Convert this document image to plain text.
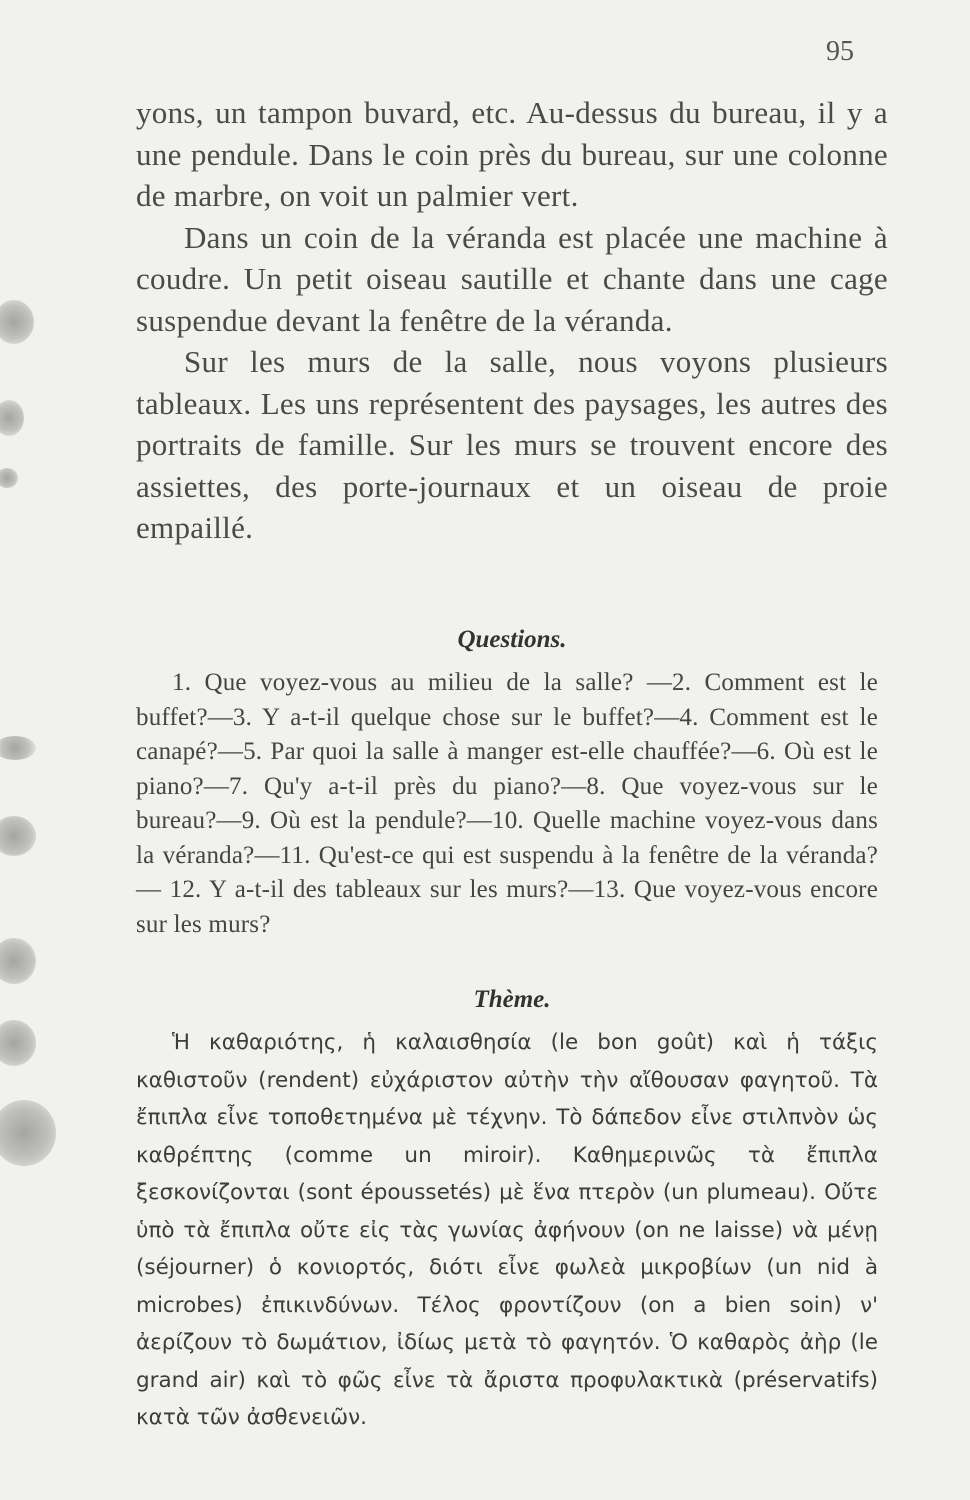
95

yons, un tampon buvard, etc. Au-dessus du bureau, il y a une pendule. Dans le coin près du bureau, sur une colonne de marbre, on voit un palmier vert.

Dans un coin de la véranda est placée une machine à coudre. Un petit oiseau sautille et chante dans une cage suspendue devant la fenêtre de la véranda.

Sur les murs de la salle, nous voyons plusieurs tableaux. Les uns représentent des paysages, les autres des portraits de famille. Sur les murs se trouvent encore des assiettes, des porte-journaux et un oiseau de proie empaillé.

Questions.

1. Que voyez-vous au milieu de la salle? —2. Comment est le buffet?—3. Y a-t-il quelque chose sur le buffet?—4. Comment est le canapé?—5. Par quoi la salle à manger est-elle chauffée?—6. Où est le piano?—7. Qu'y a-t-il près du piano?—8. Que voyez-vous sur le bureau?—9. Où est la pendule?—10. Quelle machine voyez-vous dans la véranda?—11. Qu'est-ce qui est suspendu à la fenêtre de la véranda?— 12. Y a-t-il des tableaux sur les murs?—13. Que voyez-vous encore sur les murs?

Thème.

Ἡ καθαριότης, ἡ καλαισθησία (le bon goût) καὶ ἡ τάξις καθιστοῦν (rendent) εὐχάριστον αὐτὴν τὴν αἴθουσαν φαγητοῦ. Τὰ ἔπιπλα εἶνε τοποθετημένα μὲ τέχνην. Τὸ δάπεδον εἶνε στιλπνὸν ὡς καθρέπτης (comme un miroir). Καθημερινῶς τὰ ἔπιπλα ξεσκονίζονται (sont époussetés) μὲ ἕνα πτερὸν (un plumeau). Οὔτε ὑπὸ τὰ ἔπιπλα οὔτε εἰς τὰς γωνίας ἀφήνουν (on ne laisse) νὰ μένῃ (séjourner) ὁ κονιορτός, διότι εἶνε φωλεὰ μικροβίων (un nid à microbes) ἐπικινδύνων. Τέλος φροντίζουν (on a bien soin) ν' ἀερίζουν τὸ δωμάτιον, ἰδίως μετὰ τὸ φαγητόν. Ὁ καθαρὸς ἀὴρ (le grand air) καὶ τὸ φῶς εἶνε τὰ ἄριστα προφυλακτικὰ (préservatifs) κατὰ τῶν ἀσθενειῶν.
